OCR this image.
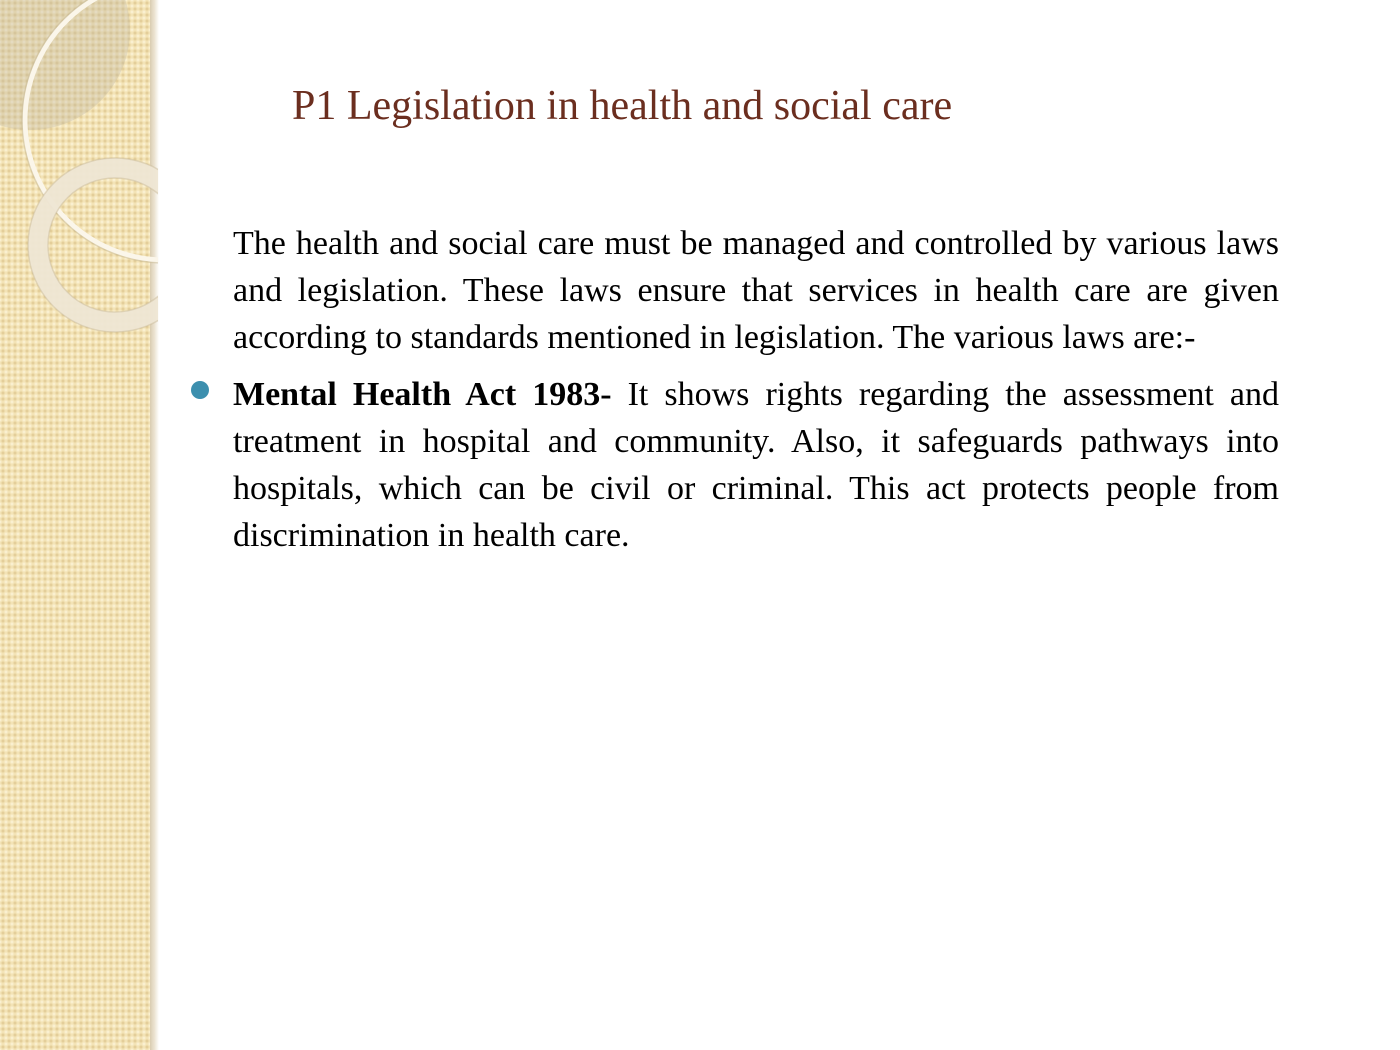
P1 Legislation in health and social care

The health and social care must be managed and controlled by various laws and legislation. These laws ensure that services in health care are given according to standards mentioned in legislation. The various laws are:-

Mental Health Act 1983- It shows rights regarding the assessment and treatment in hospital and community. Also, it safeguards pathways into hospitals, which can be civil or criminal. This act protects people from discrimination in health care.
